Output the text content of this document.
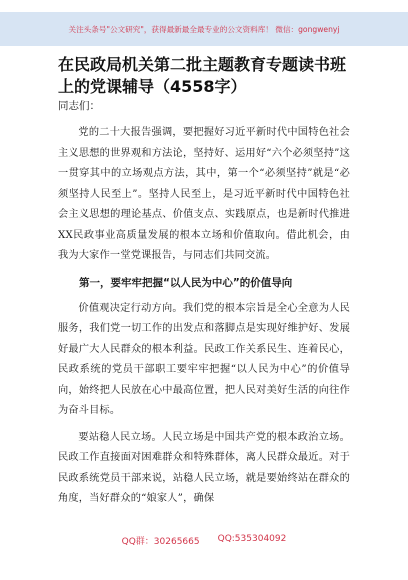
关注头条号"公文研究"，获得最新最全最专业的公文资料库！ 微信：gongwenyj
在民政局机关第二批主题教育专题读书班上的党课辅导（4558字）

同志们：

党的二十大报告强调，要把握好习近平新时代中国特色社会主义思想的世界观和方法论，坚持好、运用好“六个必须坚持”这一贯穿其中的立场观点方法，其中，第一个“必须坚持”就是“必须坚持人民至上”。坚持人民至上，是习近平新时代中国特色社会主义思想的理论基点、价值支点、实践原点，也是新时代推进XX民政事业高质量发展的根本立场和价值取向。借此机会，由我为大家作一堂党课报告，与同志们共同交流。

第一，要牢牢把握“以人民为中心”的价值导向

价值观决定行动方向。我们党的根本宗旨是全心全意为人民服务，我们党一切工作的出发点和落脚点是实现好维护好、发展好最广大人民群众的根本利益。民政工作关系民生、连着民心，民政系统的党员干部职工要牢牢把握“以人民为中心”的价值导向，始终把人民放在心中最高位置，把人民对美好生活的向往作为奋斗目标。

要站稳人民立场。人民立场是中国共产党的根本政治立场。民政工作直接面对困难群众和特殊群体，离人民群众最近。对于民政系统党员干部来说，站稳人民立场，就是要始终站在群众的角度，当好群众的“娘家人”，确保

QQ群：30265665 QQ:535304092
